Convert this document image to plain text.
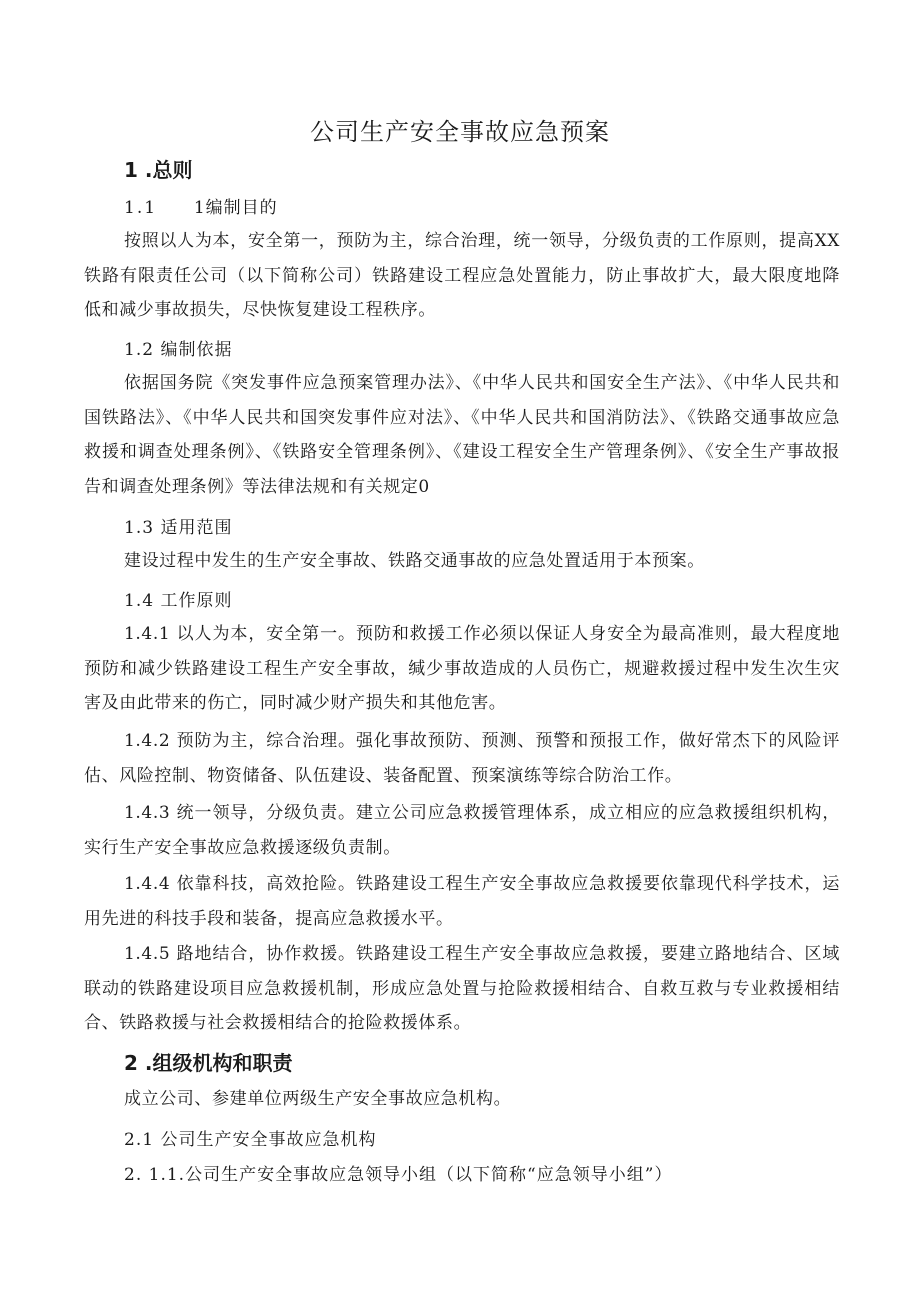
公司生产安全事故应急预案
1 .总则
1.1 1编制目的

按照以人为本，安全第一，预防为主，综合治理，统一领导，分级负责的工作原则，提高XX铁路有限责任公司（以下简称公司）铁路建设工程应急处置能力，防止事故扩大，最大限度地降低和减少事故损失，尽快恢复建设工程秩序。

1.2 编制依据

依据国务院《突发事件应急预案管理办法》、《中华人民共和国安全生产法》、《中华人民共和国铁路法》、《中华人民共和国突发事件应对法》、《中华人民共和国消防法》、《铁路交通事故应急救援和调查处理条例》、《铁路安全管理条例》、《建设工程安全生产管理条例》、《安全生产事故报告和调查处理条例》等法律法规和有关规定0

1.3 适用范围

建设过程中发生的生产安全事故、铁路交通事故的应急处置适用于本预案。

1.4 工作原则

1.4.1 以人为本，安全第一。预防和救援工作必须以保证人身安全为最高准则，最大程度地预防和减少铁路建设工程生产安全事故，缄少事故造成的人员伤亡，规避救援过程中发生次生灾害及由此带来的伤亡，同时减少财产损失和其他危害。

1.4.2 预防为主，综合治理。强化事故预防、预测、预警和预报工作，做好常杰下的风险评估、风险控制、物资储备、队伍建设、装备配置、预案演练等综合防治工作。

1.4.3 统一领导，分级负责。建立公司应急救援管理体系，成立相应的应急救援组织机构，实行生产安全事故应急救援逐级负责制。

1.4.4 依靠科技，高效抢险。铁路建设工程生产安全事故应急救援要依靠现代科学技术，运用先进的科技手段和装备，提高应急救援水平。

1.4.5 路地结合，协作救援。铁路建设工程生产安全事故应急救援，要建立路地结合、区域联动的铁路建设项目应急救援机制，形成应急处置与抢险救援相结合、自救互救与专业救援相结合、铁路救援与社会救援相结合的抢险救援体系。

2 .组级机构和职责
成立公司、参建单位两级生产安全事故应急机构。
2.1 公司生产安全事故应急机构
2. 1.1.公司生产安全事故应急领导小组（以下简称“应急领导小组”）
